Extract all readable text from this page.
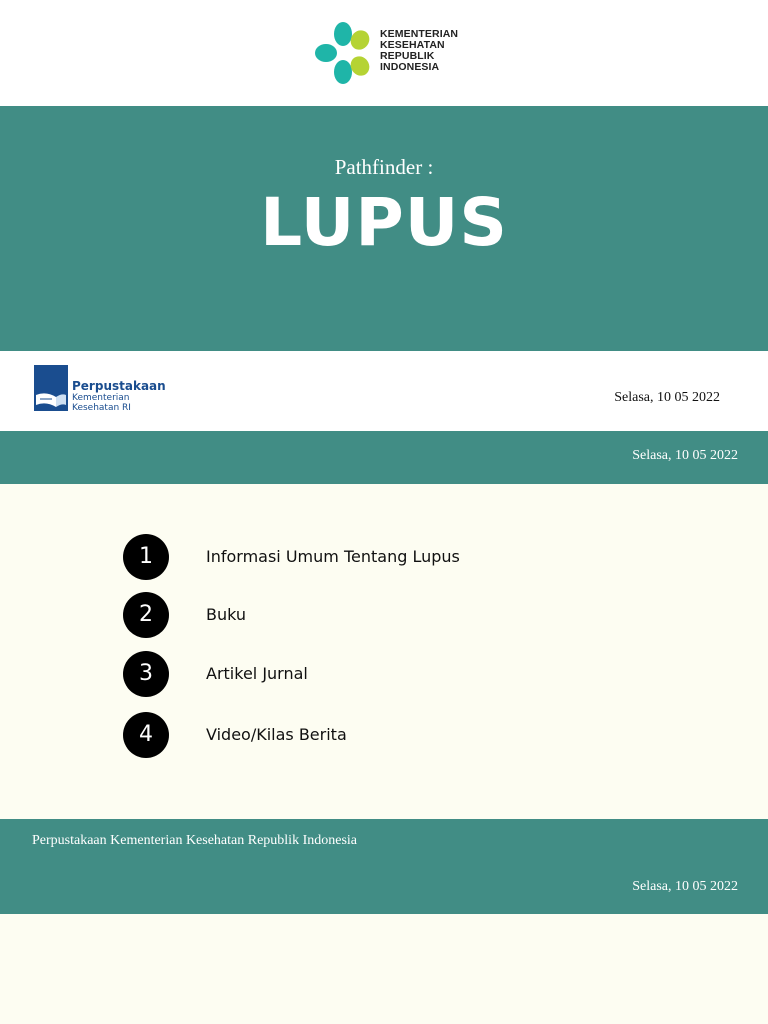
KEMENTERIAN
KESEHATAN
REPUBLIK
INDONESIA
Pathfinder :
LUPUS
Perpustakaan
Kementerian
Kesehatan RI
Selasa, 10 05 2022
Selasa, 10 05 2022
1	Informasi Umum Tentang Lupus
2	Buku
3	Artikel Jurnal
4	Video/Kilas Berita
Perpustakaan Kementerian Kesehatan Republik Indonesia
Selasa, 10 05 2022
